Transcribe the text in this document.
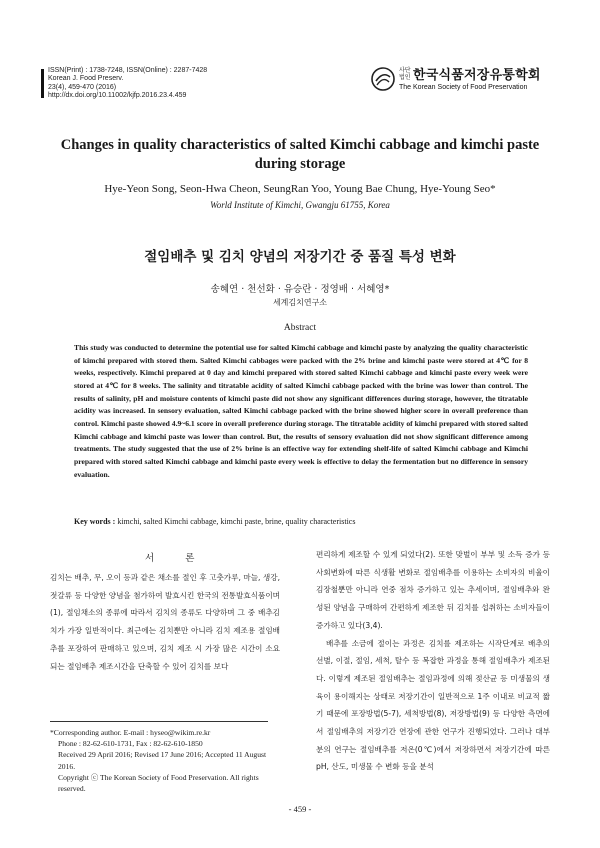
ISSN(Print) : 1738-7248, ISSN(Online) : 2287-7428
Korean J. Food Preserv.
23(4), 459-470 (2016)
http://dx.doi.org/10.11002/kjfp.2016.23.4.459
사단 법인 한국식품저장유통학회
The Korean Society of Food Preservation
Changes in quality characteristics of salted Kimchi cabbage and kimchi paste during storage
Hye-Yeon Song, Seon-Hwa Cheon, SeungRan Yoo, Young Bae Chung, Hye-Young Seo*
World Institute of Kimchi, Gwangju 61755, Korea
절임배추 및 김치 양념의 저장기간 중 품질 특성 변화
송혜연 · 천선화 · 유승란 · 정영배 · 서혜영*
세계김치연구소
Abstract

This study was conducted to determine the potential use for salted Kimchi cabbage and kimchi paste by analyzing the quality characteristic of kimchi prepared with stored them. Salted Kimchi cabbages were packed with the 2% brine and kimchi paste were stored at 4℃ for 8 weeks, respectively. Kimchi prepared at 0 day and kimchi prepared with stored salted Kimchi cabbage and kimchi paste every week were stored at 4℃ for 8 weeks. The salinity and titratable acidity of salted Kimchi cabbage packed with the brine was lower than control. The results of salinity, pH and moisture contents of kimchi paste did not show any significant differences during storage, however, the titratable acidity was increased. In sensory evaluation, salted Kimchi cabbage packed with the brine showed higher score in overall preference than control. Kimchi paste showed 4.9~6.1 score in overall preference during storage. The titratable acidity of kimchi prepared with stored salted Kimchi cabbage and kimchi paste was lower than control. But, the results of sensory evaluation did not show significant difference among treatments. The study suggested that the use of 2% brine is an effective way for extending shelf-life of salted Kimchi cabbage and Kimchi prepared with stored salted Kimchi cabbage and kimchi paste every week is effective to delay the fermentation but no difference in sensory evaluation.

Key words : kimchi, salted Kimchi cabbage, kimchi paste, brine, quality characteristics
서 론

김치는 배추, 무, 오이 등과 같은 채소를 절인 후 고춧가루, 마늘, 생강, 젓갈류 등 다양한 양념을 첨가하여 발효시킨 한국의 전통발효식품이며(1), 절임채소의 종류에 따라서 김치의 종류도 다양하며 그 중 배추김치가 가장 일반적이다. 최근에는 김치뿐만 아니라 김치 제조용 절임배추를 포장하여 판매하고 있으며, 김치 제조 시 가장 많은 시간이 소요되는 절임배추 제조시간을 단축할 수 있어 김치를 보다

*Corresponding author. E-mail : hyseo@wikim.re.kr
Phone : 82-62-610-1731, Fax : 82-62-610-1850
Received 29 April 2016; Revised 17 June 2016; Accepted 11 August 2016.
Copyright ⓒ The Korean Society of Food Preservation. All rights reserved.
편리하게 제조할 수 있게 되었다(2). 또한 맞벌이 부부 및 소득 증가 등 사회변화에 따른 식생활 변화로 절임배추를 이용하는 소비자의 비율이 김장철뿐만 아니라 연중 점차 증가하고 있는 추세이며, 절임배추와 완성된 양념을 구매하여 간편하게 제조한 뒤 김치를 섭취하는 소비자들이 증가하고 있다(3,4).
배추를 소금에 절이는 과정은 김치를 제조하는 시작단계로 배추의 선별, 이절, 절임, 세척, 탈수 등 복잡한 과정을 통해 절임배추가 제조된다. 이렇게 제조된 절임배추는 절임과정에 의해 젖산균 등 미생물의 생육이 용이해지는 상태로 저장기간이 일반적으로 1주 이내로 비교적 짧기 때문에 포장방법(5-7), 세척방법(8), 저장방법(9) 등 다양한 측면에서 절임배추의 저장기간 연장에 관한 연구가 진행되었다. 그러나 대부분의 연구는 절임배추를 저온(0℃)에서 저장하면서 저장기간에 따른 pH, 산도, 미생물 수 변화 등을 분석
- 459 -
